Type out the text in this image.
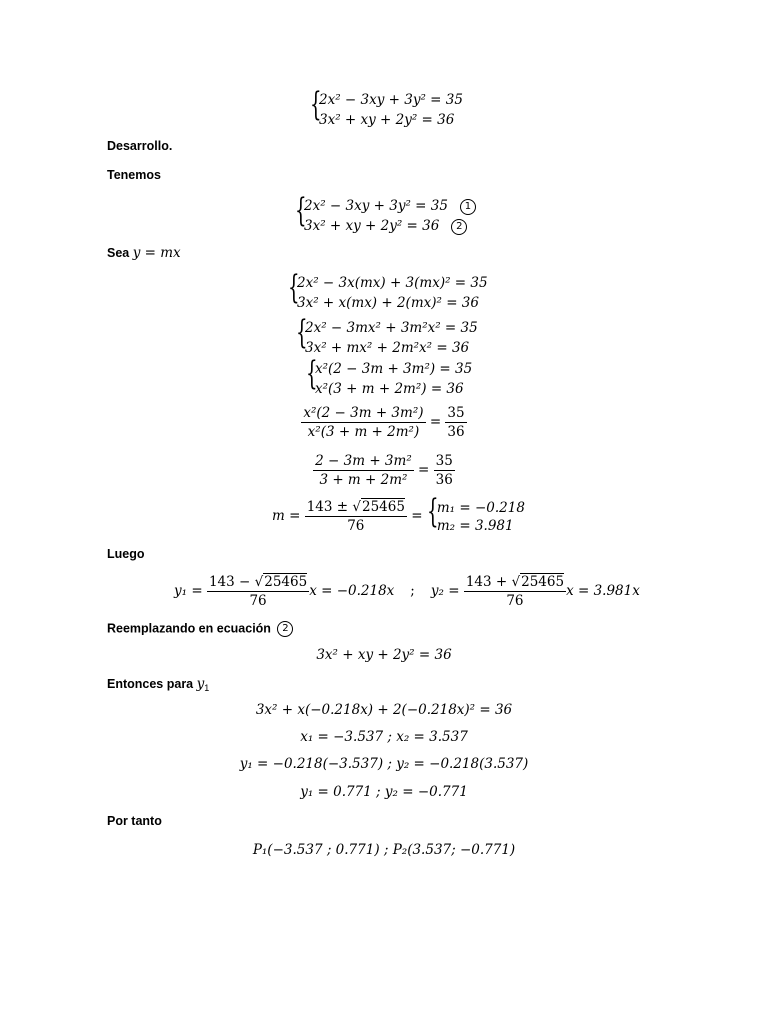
{
2x² − 3xy + 3y² = 35
3x² + xy + 2y² = 36
Desarrollo.
Tenemos
{
2x² − 3xy + 3y² = 35 1
3x² + xy + 2y² = 36 2
Sea y = mx
{
2x² − 3x(mx) + 3(mx)² = 35
3x² + x(mx) + 2(mx)² = 36
{
2x² − 3mx² + 3m²x² = 35
3x² + mx² + 2m²x² = 36
{
x²(2 − 3m + 3m²) = 35
x²(3 + m + 2m²) = 36
$\frac{\text{x²(2 − 3m + 3m²)}}{\text{x²(3 + m + 2m²)}} = \frac{35}{36}$
$\frac{\text{2 − 3m + 3m²}}{\text{3 + m + 2m²}} = \frac{35}{36}$
$m = \frac{143 \pm √25465}{76}$ = {
m₁ = −0.218
m₂ = 3.981
Luego
$y_1 = \frac{143 - √25465}{76}$ x = −0.218x ; $y_2 = \frac{143 + √25465}{76}$ x = 3.981x
Reemplazando en ecuación 2
3x² + xy + 2y² = 36
Entonces para $y_1$
3x² + x(−0.218x) + 2(−0.218x)² = 36
x₁ = −3.537 ; x₂ = 3.537
y₁ = −0.218(−3.537) ; y₂ = −0.218(3.537)
y₁ = 0.771 ; y₂ = −0.771
Por tanto
P₁(−3.537 ; 0.771) ; P₂(3.537; −0.771)
